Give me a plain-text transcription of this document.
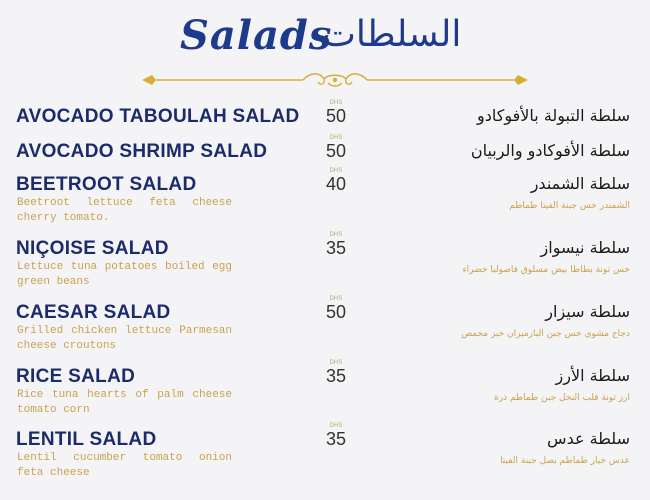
Salads
السلطات
AVOCADO TABOULAH SALAD
DHS
50	سلطة التبولة بالأفوكادو
AVOCADO SHRIMP SALAD
DHS
50	سلطة الأفوكادو والربيان
BEETROOT SALAD
DHS
40
Beetroot lettuce feta cheese cherry tomato.
سلطة الشمندر
الشمندر خس جبنة الفيتا طماطم
NIÇOISE SALAD
DHS
35
Lettuce tuna potatoes boiled egg green beans
سلطة نيسواز
خس تونة بطاطا بيض مسلوق فاصوليا خضراء
CAESAR SALAD
DHS
50
Grilled chicken lettuce Parmesan cheese croutons
سلطة سيزار
دجاج مشوي خس جبن البارميزان خبز محمص
RICE SALAD
DHS
35
Rice tuna hearts of palm cheese tomato corn
سلطة الأرز
ارز تونة قلب النخل جبن طماطم ذرة
LENTIL SALAD
DHS
35
Lentil cucumber tomato onion feta cheese
سلطة عدس
عدس خيار طماطم بصل جبنة الفيتا
